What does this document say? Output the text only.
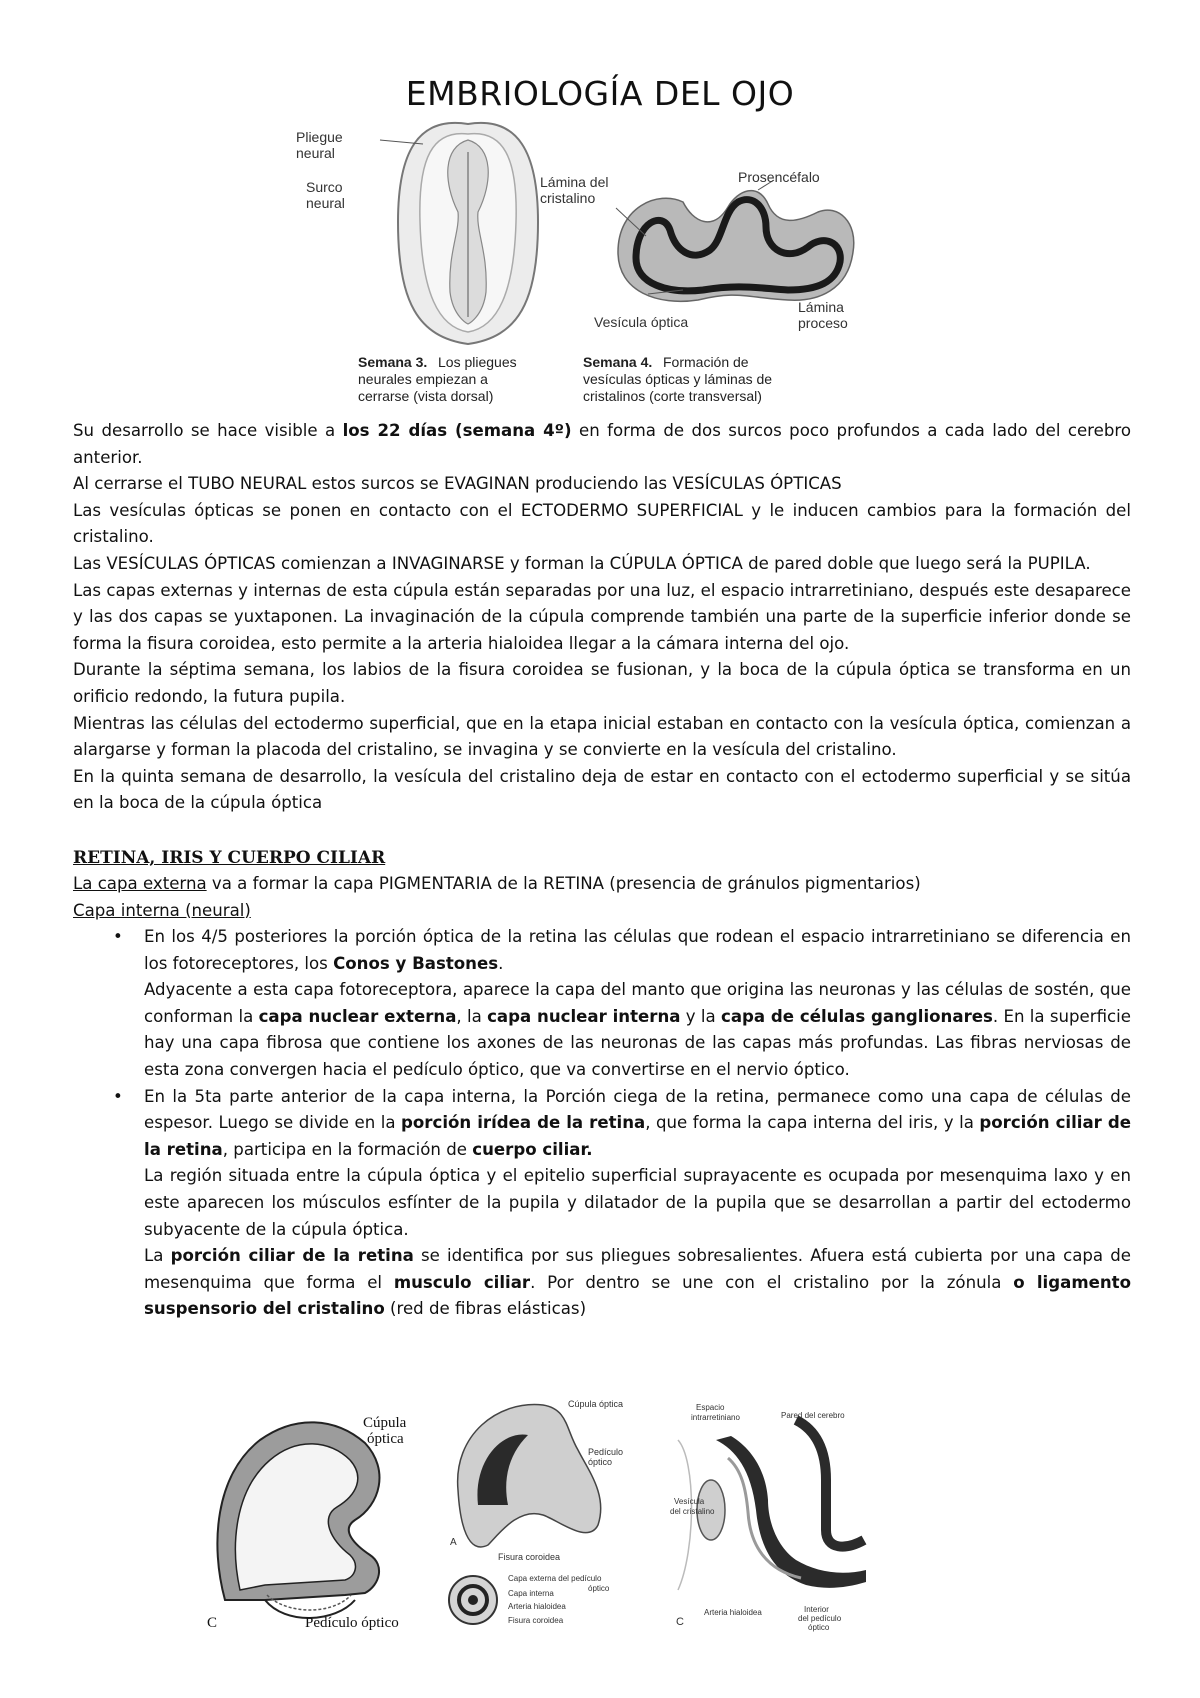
EMBRIOLOGÍA DEL OJO
Pliegue
neural
Surco
neural
Semana 3. Los pliegues
neurales empiezan a
cerrarse (vista dorsal)
Lámina del
cristalino
Prosencéfalo
Vesícula óptica
Lámina
proceso
Semana 4. Formación de
vesículas ópticas y láminas de
cristalinos (corte transversal)

Su desarrollo se hace visible a los 22 días (semana 4º) en forma de dos surcos poco profundos a cada lado del cerebro anterior.

Al cerrarse el TUBO NEURAL estos surcos se EVAGINAN produciendo las VESÍCULAS ÓPTICAS

Las vesículas ópticas se ponen en contacto con el ECTODERMO SUPERFICIAL y le inducen cambios para la formación del cristalino.

Las VESÍCULAS ÓPTICAS comienzan a INVAGINARSE y forman la CÚPULA ÓPTICA de pared doble que luego será la PUPILA.

Las capas externas y internas de esta cúpula están separadas por una luz, el espacio intrarretiniano, después este desaparece y las dos capas se yuxtaponen. La invaginación de la cúpula comprende también una parte de la superficie inferior donde se forma la fisura coroidea, esto permite a la arteria hialoidea llegar a la cámara interna del ojo.

Durante la séptima semana, los labios de la fisura coroidea se fusionan, y la boca de la cúpula óptica se transforma en un orificio redondo, la futura pupila.

Mientras las células del ectodermo superficial, que en la etapa inicial estaban en contacto con la vesícula óptica, comienzan a alargarse y forman la placoda del cristalino, se invagina y se convierte en la vesícula del cristalino.

En la quinta semana de desarrollo, la vesícula del cristalino deja de estar en contacto con el ectodermo superficial y se sitúa en la boca de la cúpula óptica

RETINA, IRIS Y CUERPO CILIAR

La capa externa va a formar la capa PIGMENTARIA de la RETINA (presencia de gránulos pigmentarios)

Capa interna (neural)

• En los 4/5 posteriores la porción óptica de la retina las células que rodean el espacio intrarretiniano se diferencia en los fotoreceptores, los Conos y Bastones.

Adyacente a esta capa fotoreceptora, aparece la capa del manto que origina las neuronas y las células de sostén, que conforman la capa nuclear externa, la capa nuclear interna y la capa de células ganglionares. En la superficie hay una capa fibrosa que contiene los axones de las neuronas de las capas más profundas. Las fibras nerviosas de esta zona convergen hacia el pedículo óptico, que va convertirse en el nervio óptico.

• En la 5ta parte anterior de la capa interna, la Porción ciega de la retina, permanece como una capa de células de espesor. Luego se divide en la porción irídea de la retina, que forma la capa interna del iris, y la porción ciliar de la retina, participa en la formación de cuerpo ciliar.

La región situada entre la cúpula óptica y el epitelio superficial suprayacente es ocupada por mesenquima laxo y en este aparecen los músculos esfínter de la pupila y dilatador de la pupila que se desarrollan a partir del ectodermo subyacente de la cúpula óptica.

La porción ciliar de la retina se identifica por sus pliegues sobresalientes. Afuera está cubierta por una capa de mesenquima que forma el musculo ciliar. Por dentro se une con el cristalino por la zónula o ligamento suspensorio del cristalino (red de fibras elásticas)

Cúpula
óptica
Pedículo óptico
C
Cúpula óptica
Pedículo
óptico
A
Fisura coroidea
Capa externa del pedículo
óptico
Capa interna
Arteria hialoidea
Fisura coroidea
Espacio
intrarretiniano	Pared del cerebro
Vesícula
del cristalino
Arteria hialoidea	Interior
del pedículo
óptico
C
